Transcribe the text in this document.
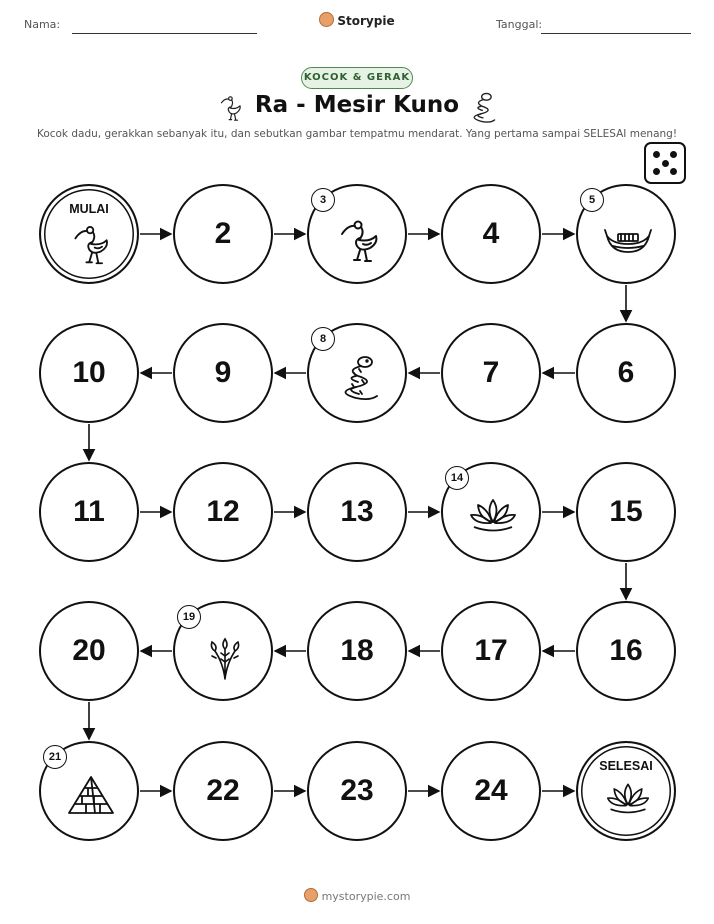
Nama:	Storypie	Tanggal:
KOCOK & GERAK
Ra - Mesir Kuno
Kocok dadu, gerakkan sebanyak itu, dan sebutkan gambar tempatmu mendarat. Yang pertama sampai SELESAI menang!
MULAI
2
3
4
5
6
7
8
9
10
11	12	13
14
15
16
17
18
19
20
21
22	23	24
SELESAI
mystorypie.com
